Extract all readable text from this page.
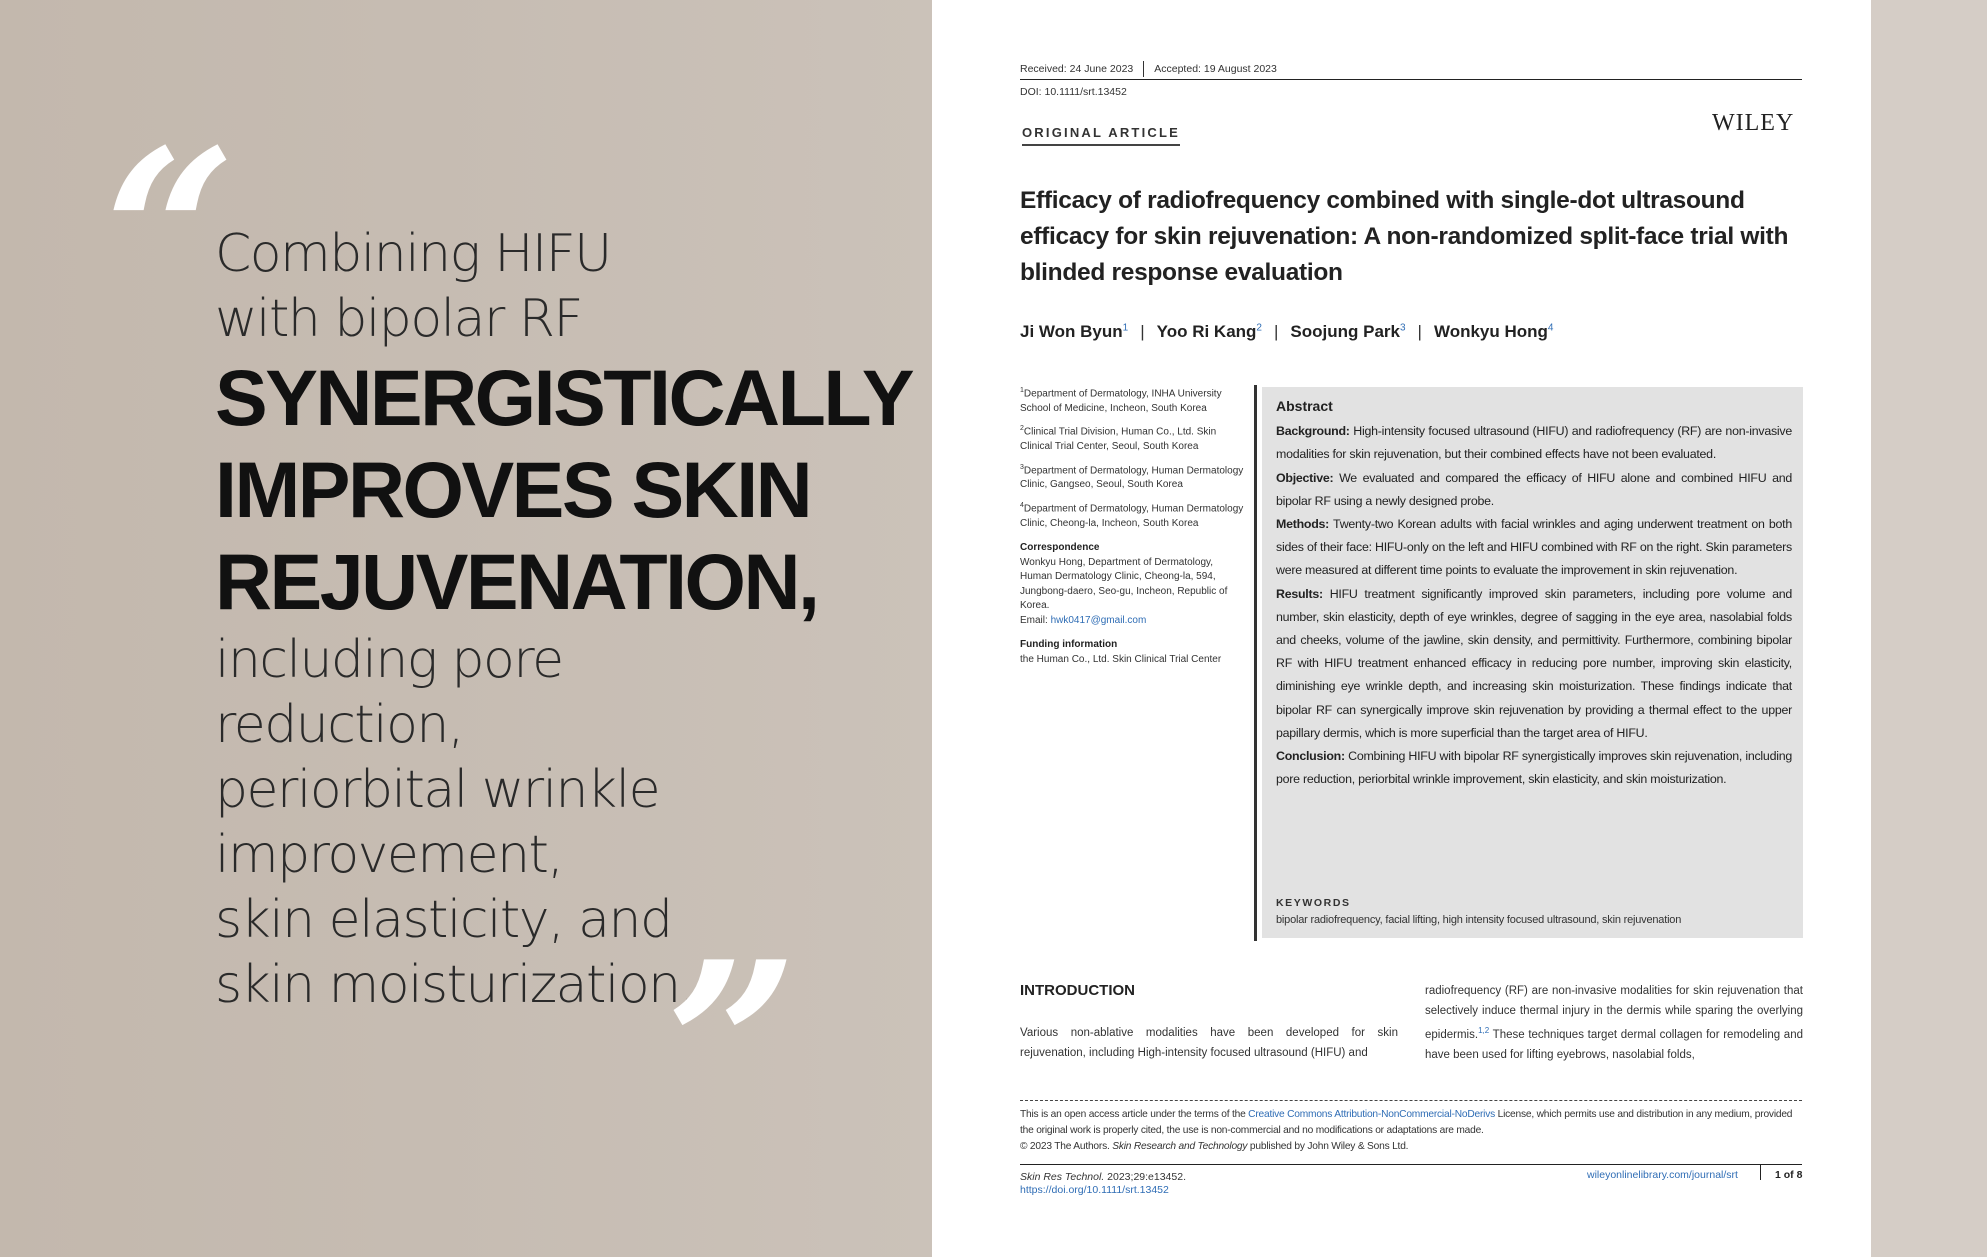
“
Combining HIFU
with bipolar RF
SYNERGISTICALLY
IMPROVES SKIN
REJUVENATION,
including pore
reduction,
periorbital wrinkle
improvement,
skin elasticity, and
skin moisturization.
”
Received: 24 June 2023 Accepted: 19 August 2023
DOI: 10.1111/srt.13452
ORIGINAL ARTICLE	WILEY
Efficacy of radiofrequency combined with single-dot ultrasound efficacy for skin rejuvenation: A non-randomized split-face trial with blinded response evaluation
Ji Won Byun$^1$ | Yoo Ri Kang$^2$ | Soojung Park$^3$ | Wonkyu Hong$^4$
$^1$Department of Dermatology, INHA University School of Medicine, Incheon, South Korea
$^2$Clinical Trial Division, Human Co., Ltd. Skin Clinical Trial Center, Seoul, South Korea
$^3$Department of Dermatology, Human Dermatology Clinic, Gangseo, Seoul, South Korea
$^4$Department of Dermatology, Human Dermatology Clinic, Cheong-la, Incheon, South Korea
Correspondence
Wonkyu Hong, Department of Dermatology, Human Dermatology Clinic, Cheong-la, 594, Jungbong-daero, Seo-gu, Incheon, Republic of Korea.
Email: hwk0417@gmail.com
Funding information
the Human Co., Ltd. Skin Clinical Trial Center
Abstract
Background: High-intensity focused ultrasound (HIFU) and radiofrequency (RF) are non-invasive modalities for skin rejuvenation, but their combined effects have not been evaluated.
Objective: We evaluated and compared the efficacy of HIFU alone and combined HIFU and bipolar RF using a newly designed probe.
Methods: Twenty-two Korean adults with facial wrinkles and aging underwent treatment on both sides of their face: HIFU-only on the left and HIFU combined with RF on the right. Skin parameters were measured at different time points to evaluate the improvement in skin rejuvenation.
Results: HIFU treatment significantly improved skin parameters, including pore volume and number, skin elasticity, depth of eye wrinkles, degree of sagging in the eye area, nasolabial folds and cheeks, volume of the jawline, skin density, and permittivity. Furthermore, combining bipolar RF with HIFU treatment enhanced efficacy in reducing pore number, improving skin elasticity, diminishing eye wrinkle depth, and increasing skin moisturization. These findings indicate that bipolar RF can synergically improve skin rejuvenation by providing a thermal effect to the upper papillary dermis, which is more superficial than the target area of HIFU.
Conclusion: Combining HIFU with bipolar RF synergistically improves skin rejuvenation, including pore reduction, periorbital wrinkle improvement, skin elasticity, and skin moisturization.
KEYWORDS
bipolar radiofrequency, facial lifting, high intensity focused ultrasound, skin rejuvenation
INTRODUCTION
Various non-ablative modalities have been developed for skin rejuvenation, including High-intensity focused ultrasound (HIFU) and
radiofrequency (RF) are non-invasive modalities for skin rejuvenation that selectively induce thermal injury in the dermis while sparing the overlying epidermis.$^{1,2}$ These techniques target dermal collagen for remodeling and have been used for lifting eyebrows, nasolabial folds,
This is an open access article under the terms of the Creative Commons Attribution-NonCommercial-NoDerivs License, which permits use and distribution in any medium, provided the original work is properly cited, the use is non-commercial and no modifications or adaptations are made.
© 2023 The Authors. Skin Research and Technology published by John Wiley & Sons Ltd.
Skin Res Technol. 2023;29:e13452.
https://doi.org/10.1111/srt.13452
wileyonlinelibrary.com/journal/srt	1 of 8
